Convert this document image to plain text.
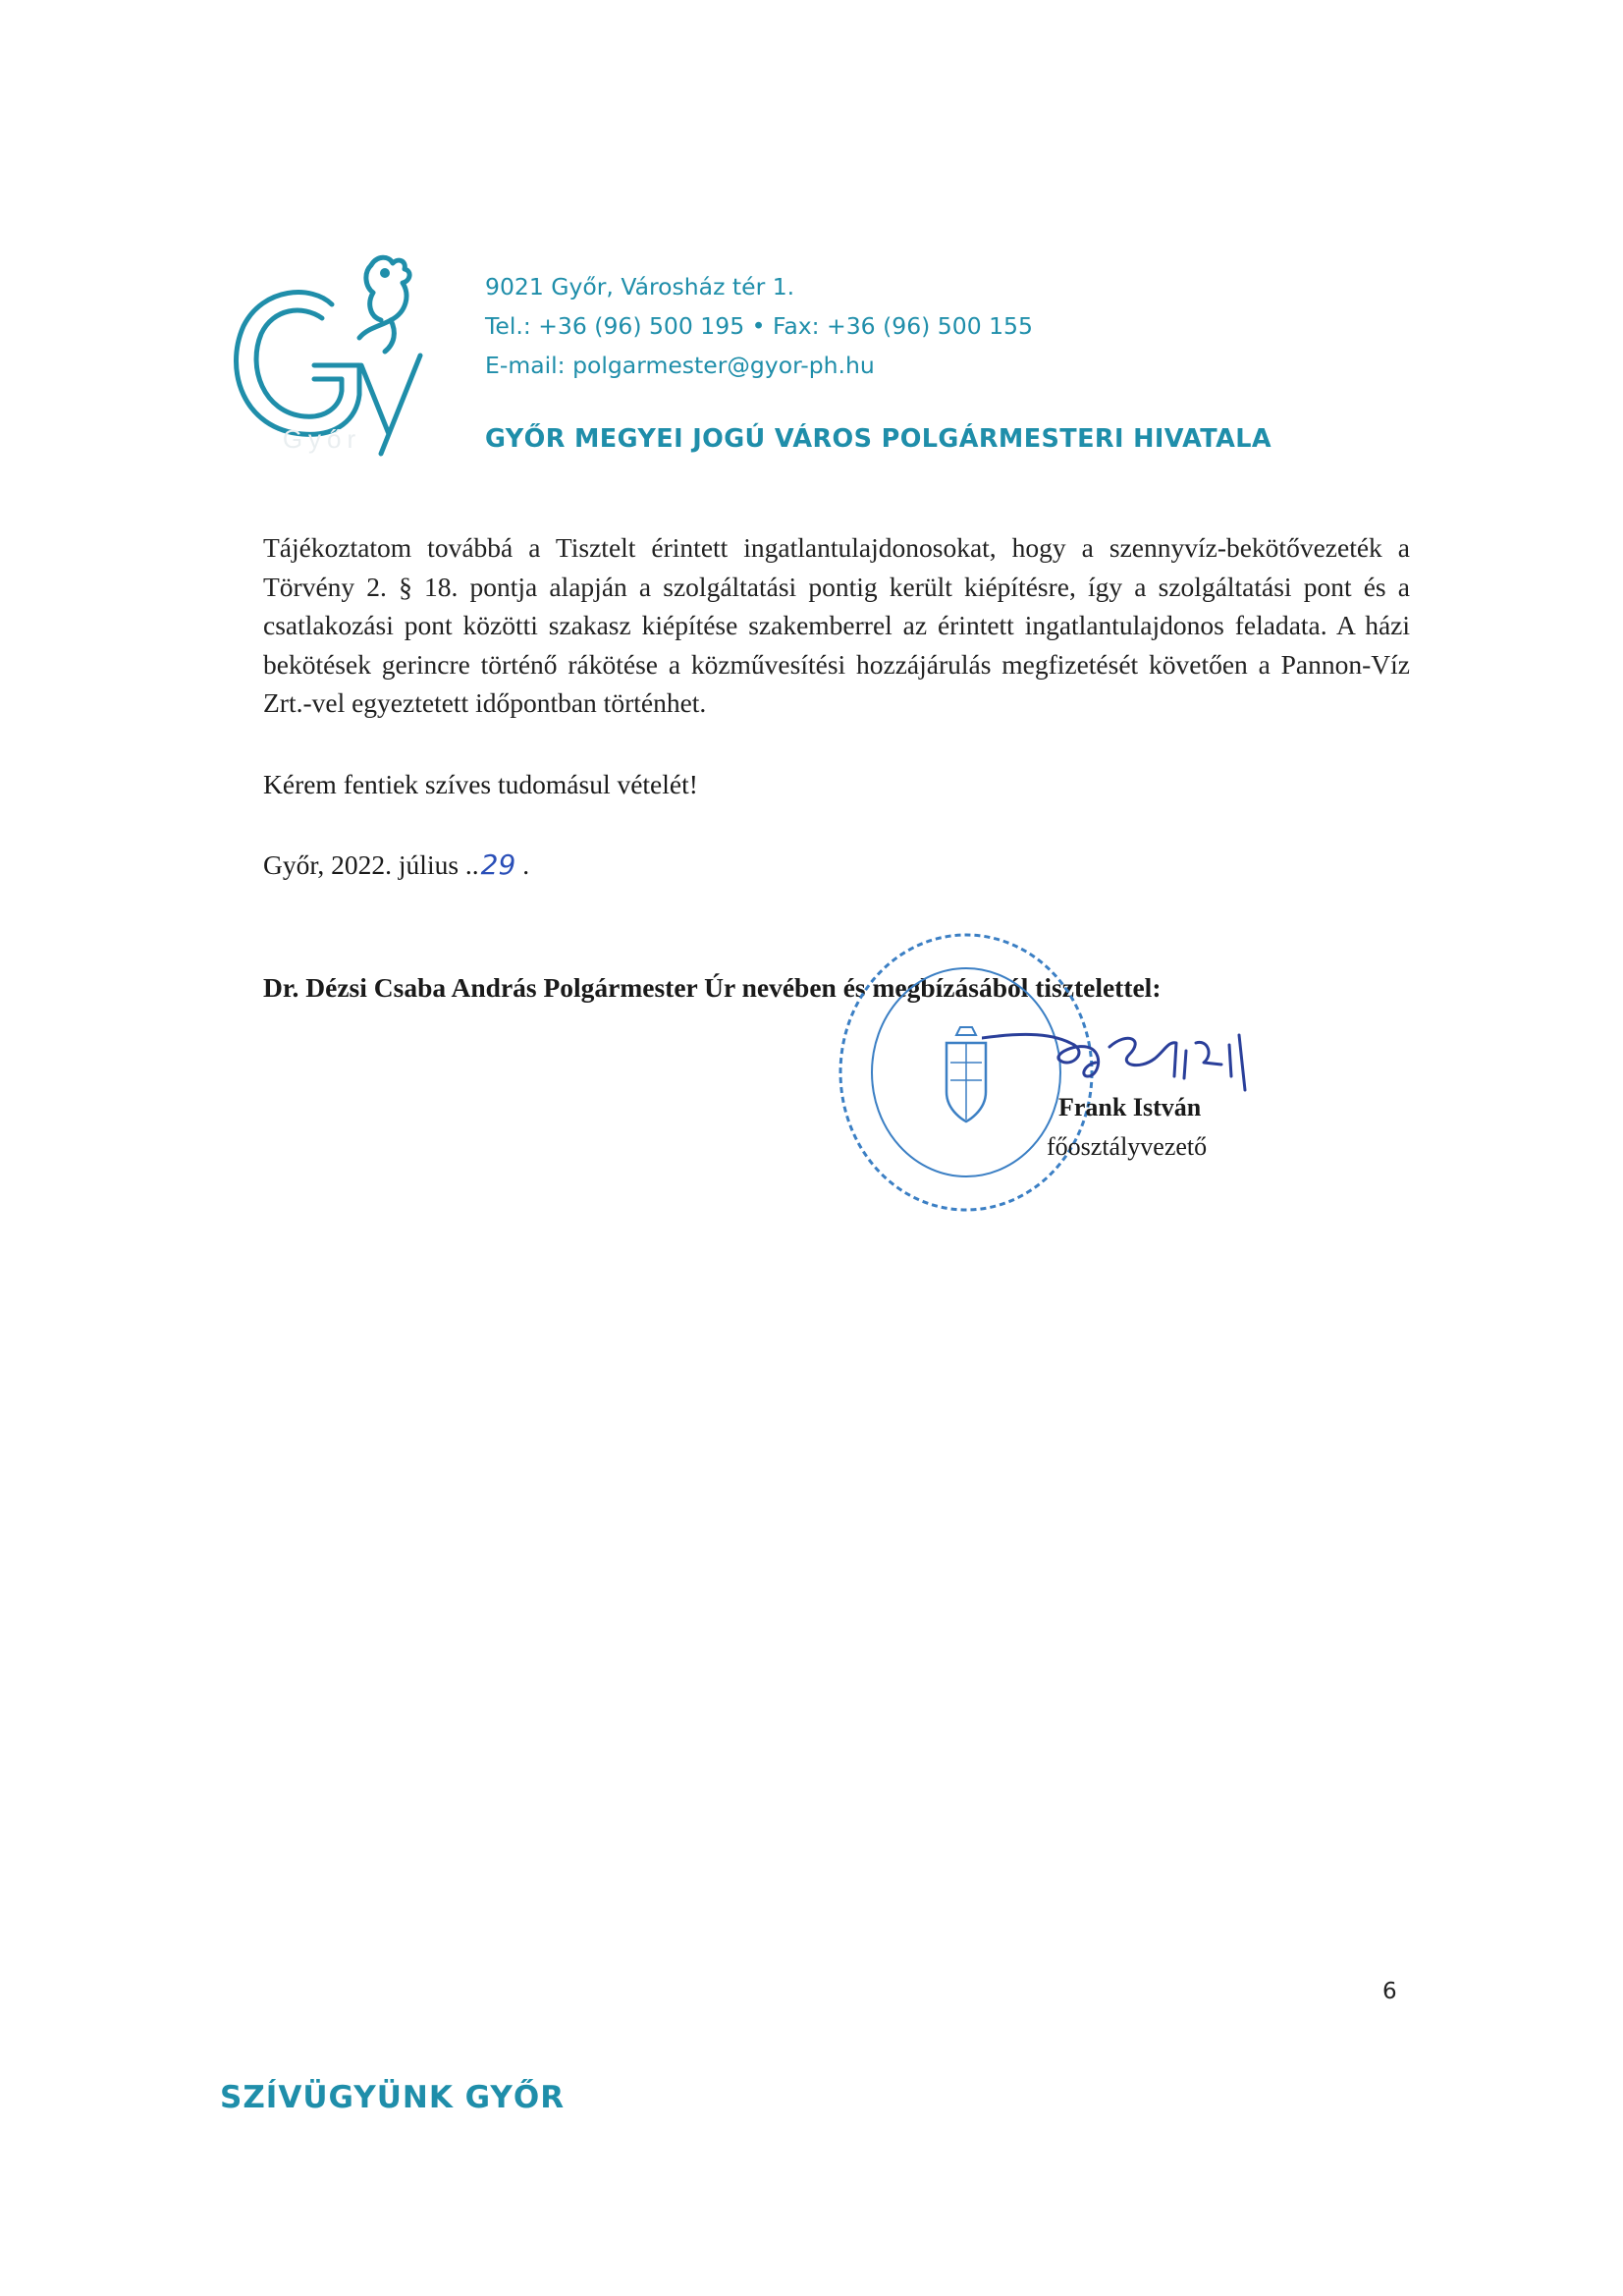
Győr
9021 Győr, Városház tér 1.
Tel.: +36 (96) 500 195 • Fax: +36 (96) 500 155
E-mail: polgarmester@gyor-ph.hu
GYŐR MEGYEI JOGÚ VÁROS POLGÁRMESTERI HIVATALA

Tájékoztatom továbbá a Tisztelt érintett ingatlantulajdonosokat, hogy a szennyvíz-bekötővezeték a Törvény 2. § 18. pontja alapján a szolgáltatási pontig került kiépítésre, így a szolgáltatási pont és a csatlakozási pont közötti szakasz kiépítése szakemberrel az érintett ingatlantulajdonos feladata. A házi bekötések gerincre történő rákötése a közművesítési hozzájárulás megfizetését követően a Pannon-Víz Zrt.-vel egyeztetett időpontban történhet.

Kérem fentiek szíves tudomásul vételét!
Győr, 2022. július ..29 .
Dr. Dézsi Csaba András Polgármester Úr nevében és megbízásából tisztelettel:
Frank István
főosztályvezető
6
SZÍVÜGYÜNK GYŐR
